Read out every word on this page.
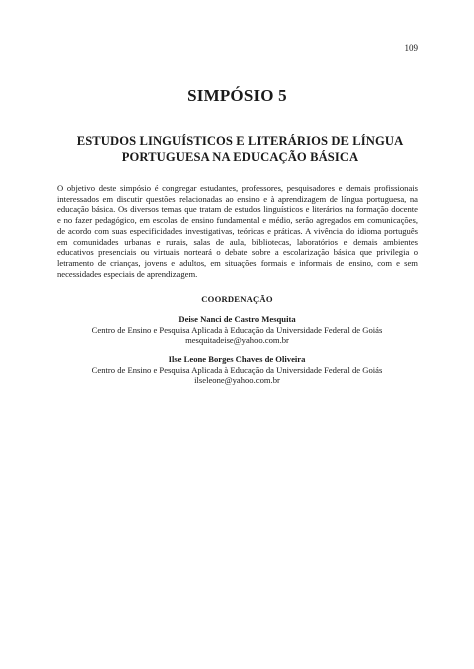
109
SIMPÓSIO 5
ESTUDOS LINGUÍSTICOS E LITERÁRIOS DE LÍNGUA
PORTUGUESA NA EDUCAÇÃO BÁSICA
O objetivo deste simpósio é congregar estudantes, professores, pesquisadores e demais profissionais
interessados em discutir questões relacionadas ao ensino e à aprendizagem de língua portuguesa, na
educação básica. Os diversos temas que tratam de estudos linguísticos e literários na formação docente
e no fazer pedagógico, em escolas de ensino fundamental e médio, serão agregados em comunicações,
de acordo com suas especificidades investigativas, teóricas e práticas. A vivência do idioma português
em comunidades urbanas e rurais, salas de aula, bibliotecas, laboratórios e demais ambientes
educativos presenciais ou virtuais norteará o debate sobre a escolarização básica que privilegia o
letramento de crianças, jovens e adultos, em situações formais e informais de ensino, com e sem
necessidades especiais de aprendizagem.
COORDENAÇÃO
Deise Nanci de Castro Mesquita
Centro de Ensino e Pesquisa Aplicada à Educação da Universidade Federal de Goiás
mesquitadeise@yahoo.com.br
Ilse Leone Borges Chaves de Oliveira
Centro de Ensino e Pesquisa Aplicada à Educação da Universidade Federal de Goiás
ilseleone@yahoo.com.br
